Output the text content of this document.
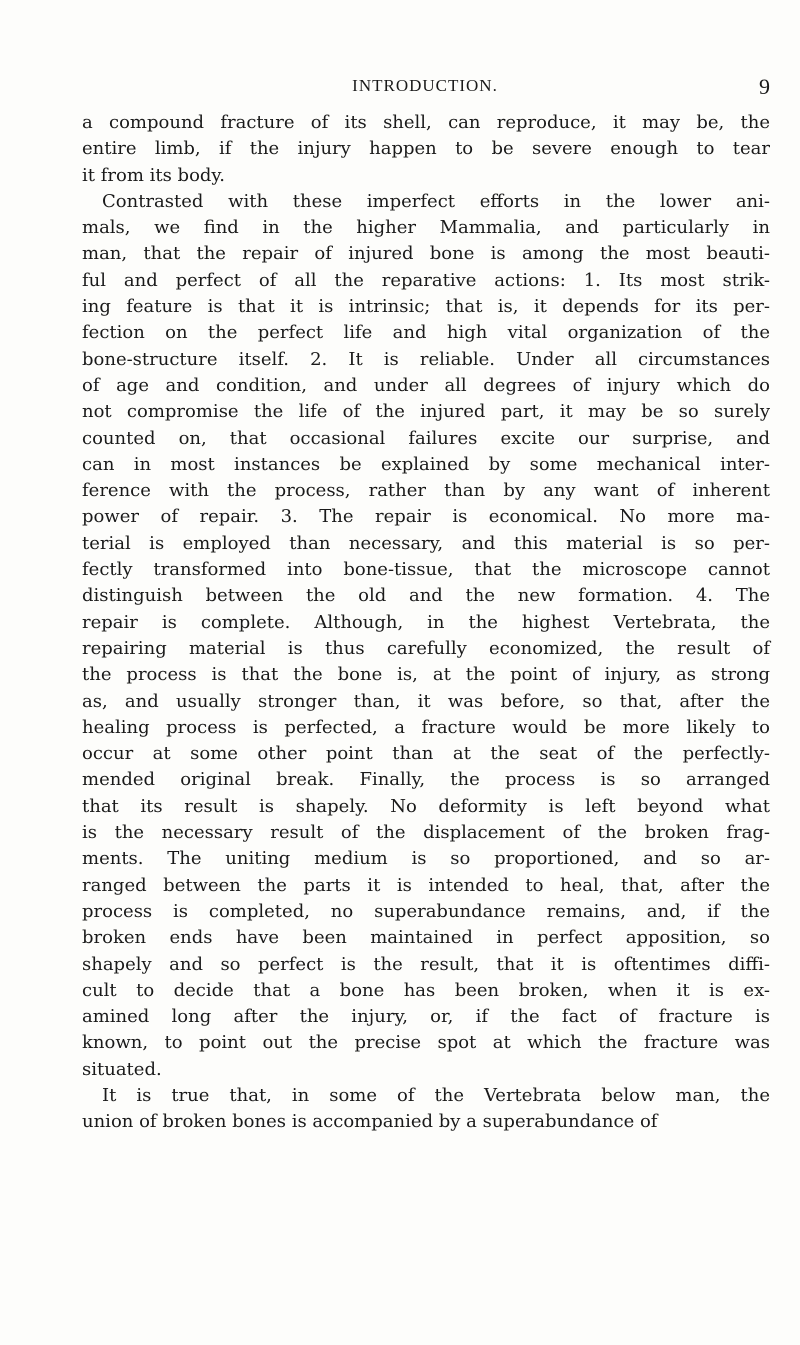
INTRODUCTION.	9
a compound fracture of its shell, can reproduce, it may be, the
entire limb, if the injury happen to be severe enough to tear
it from its body.
Contrasted with these imperfect efforts in the lower ani-
mals, we find in the higher Mammalia, and particularly in
man, that the repair of injured bone is among the most beauti-
ful and perfect of all the reparative actions: 1. Its most strik-
ing feature is that it is intrinsic; that is, it depends for its per-
fection on the perfect life and high vital organization of the
bone-structure itself. 2. It is reliable. Under all circumstances
of age and condition, and under all degrees of injury which do
not compromise the life of the injured part, it may be so surely
counted on, that occasional failures excite our surprise, and
can in most instances be explained by some mechanical inter-
ference with the process, rather than by any want of inherent
power of repair. 3. The repair is economical. No more ma-
terial is employed than necessary, and this material is so per-
fectly transformed into bone-tissue, that the microscope cannot
distinguish between the old and the new formation. 4. The
repair is complete. Although, in the highest Vertebrata, the
repairing material is thus carefully economized, the result of
the process is that the bone is, at the point of injury, as strong
as, and usually stronger than, it was before, so that, after the
healing process is perfected, a fracture would be more likely to
occur at some other point than at the seat of the perfectly-
mended original break. Finally, the process is so arranged
that its result is shapely. No deformity is left beyond what
is the necessary result of the displacement of the broken frag-
ments. The uniting medium is so proportioned, and so ar-
ranged between the parts it is intended to heal, that, after the
process is completed, no superabundance remains, and, if the
broken ends have been maintained in perfect apposition, so
shapely and so perfect is the result, that it is oftentimes diffi-
cult to decide that a bone has been broken, when it is ex-
amined long after the injury, or, if the fact of fracture is
known, to point out the precise spot at which the fracture was
situated.
It is true that, in some of the Vertebrata below man, the
union of broken bones is accompanied by a superabundance of
